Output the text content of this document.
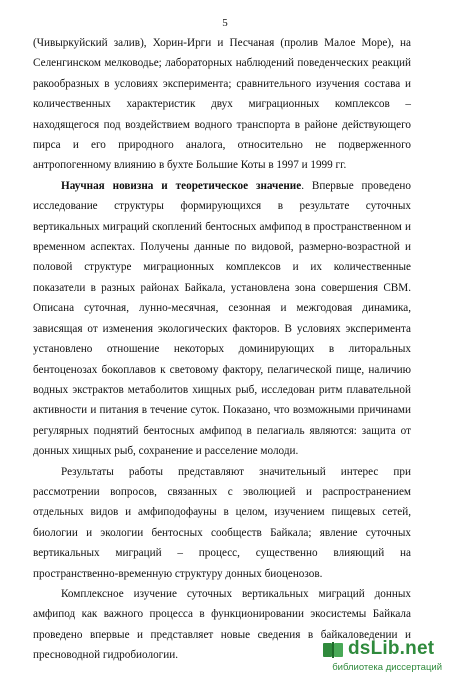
5

(Чивыркуйский залив), Хорин-Ирги и Песчаная (пролив Малое Море), на Селенгинском мелководье; лабораторных наблюдений поведенческих реакций ракообразных в условиях эксперимента; сравнительного изучения состава и количественных характеристик двух миграционных комплексов – находящегося под воздействием водного транспорта в районе действующего пирса и его природного аналога, относительно не подверженного антропогенному влиянию в бухте Большие Коты в 1997 и 1999 гг.

Научная новизна и теоретическое значение. Впервые проведено исследование структуры формирующихся в результате суточных вертикальных миграций скоплений бентосных амфипод в пространственном и временном аспектах. Получены данные по видовой, размерно-возрастной и половой структуре миграционных комплексов и их количественные показатели в разных районах Байкала, установлена зона совершения СВМ. Описана суточная, лунно-месячная, сезонная и межгодовая динамика, зависящая от изменения экологических факторов. В условиях эксперимента установлено отношение некоторых доминирующих в литоральных бентоценозах бокоплавов к световому фактору, пелагической пище, наличию водных экстрактов метаболитов хищных рыб, исследован ритм плавательной активности и питания в течение суток. Показано, что возможными причинами регулярных поднятий бентосных амфипод в пелагиаль являются: защита от донных хищных рыб, сохранение и расселение молоди.

Результаты работы представляют значительный интерес при рассмотрении вопросов, связанных с эволюцией и распространением отдельных видов и амфиподофауны в целом, изучением пищевых сетей, биологии и экологии бентосных сообществ Байкала; явление суточных вертикальных миграций – процесс, существенно влияющий на пространственно-временную структуру донных биоценозов.

Комплексное изучение суточных вертикальных миграций донных амфипод как важного процесса в функционировании экосистемы Байкала проведено впервые и представляет новые сведения в байкаловедении и пресноводной гидробиологии.	dsLib.net
библиотека диссертаций
